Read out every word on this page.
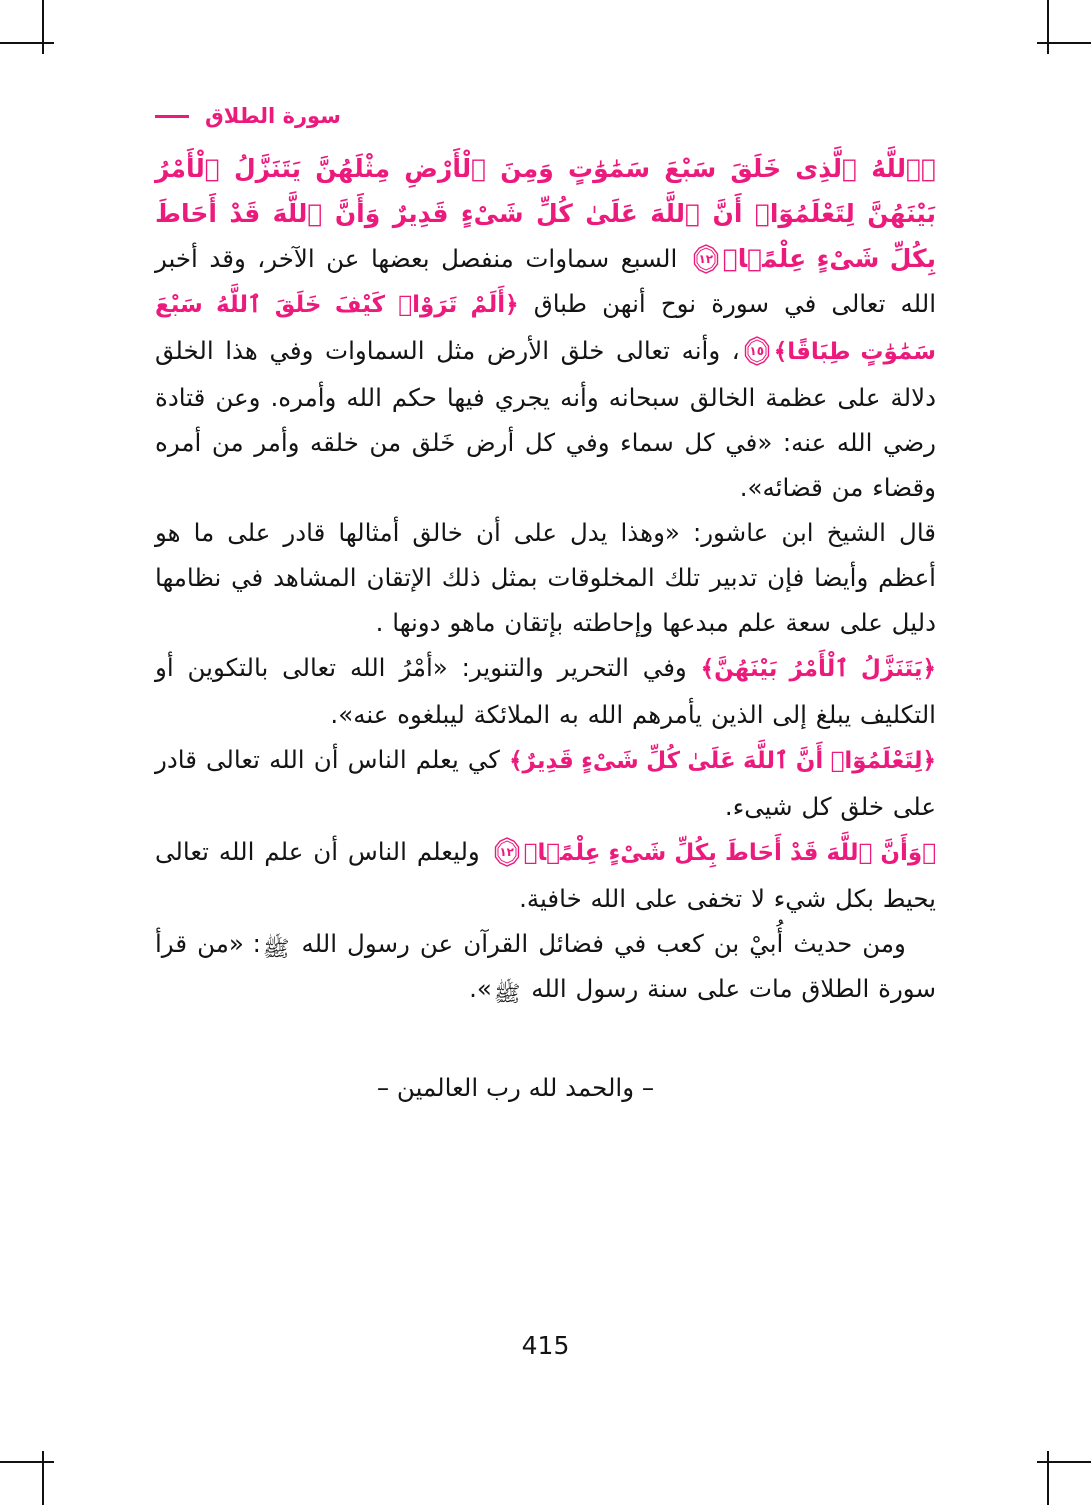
سورة الطلاق

﴿ٱللَّهُ ٱلَّذِى خَلَقَ سَبْعَ سَمَٰوَٰتٍ وَمِنَ ٱلْأَرْضِ مِثْلَهُنَّ يَتَنَزَّلُ ٱلْأَمْرُ بَيْنَهُنَّ لِتَعْلَمُوٓا۟ أَنَّ ٱللَّهَ عَلَىٰ كُلِّ شَىْءٍ قَدِيرٌ وَأَنَّ ٱللَّهَ قَدْ أَحَاطَ بِكُلِّ شَىْءٍ عِلْمًۢا﴾
١٢
السبع سماوات منفصل بعضها عن الآخر، وقد أخبر الله تعالى في سورة نوح أنهن طباق ﴿أَلَمْ تَرَوْا۟ كَيْفَ خَلَقَ ٱللَّهُ سَبْعَ سَمَٰوَٰتٍ طِبَاقًا﴾
١٥
، وأنه تعالى خلق الأرض مثل السماوات وفي هذا الخلق دلالة على عظمة الخالق سبحانه وأنه يجري فيها حكم الله وأمره. وعن قتادة رضي الله عنه: «في كل سماء وفي كل أرض خَلق من خلقه وأمر من أمره وقضاء من قضائه».

قال الشيخ ابن عاشور: «وهذا يدل على أن خالق أمثالها قادر على ما هو أعظم وأيضا فإن تدبير تلك المخلوقات بمثل ذلك الإتقان المشاهد في نظامها دليل على سعة علم مبدعها وإحاطته بإتقان ماهو دونها .

﴿يَتَنَزَّلُ ٱلْأَمْرُ بَيْنَهُنَّ﴾ وفي التحرير والتنوير: «أمْرُ الله تعالى بالتكوين أو التكليف يبلغ إلى الذين يأمرهم الله به الملائكة ليبلغوه عنه».

﴿لِتَعْلَمُوٓا۟ أَنَّ ٱللَّهَ عَلَىٰ كُلِّ شَىْءٍ قَدِيرٌ﴾ كي يعلم الناس أن الله تعالى قادر على خلق كل شيىء.

﴿وَأَنَّ ٱللَّهَ قَدْ أَحَاطَ بِكُلِّ شَىْءٍ عِلْمًۢا﴾
١٢
وليعلم الناس أن علم الله تعالى يحيط بكل شيء لا تخفى على الله خافية.

ومن حديث أُبيْ بن كعب في فضائل القرآن عن رسول الله ﷺ: «من قرأ سورة الطلاق مات على سنة رسول الله ﷺ».

– والحمد لله رب العالمين –
415
